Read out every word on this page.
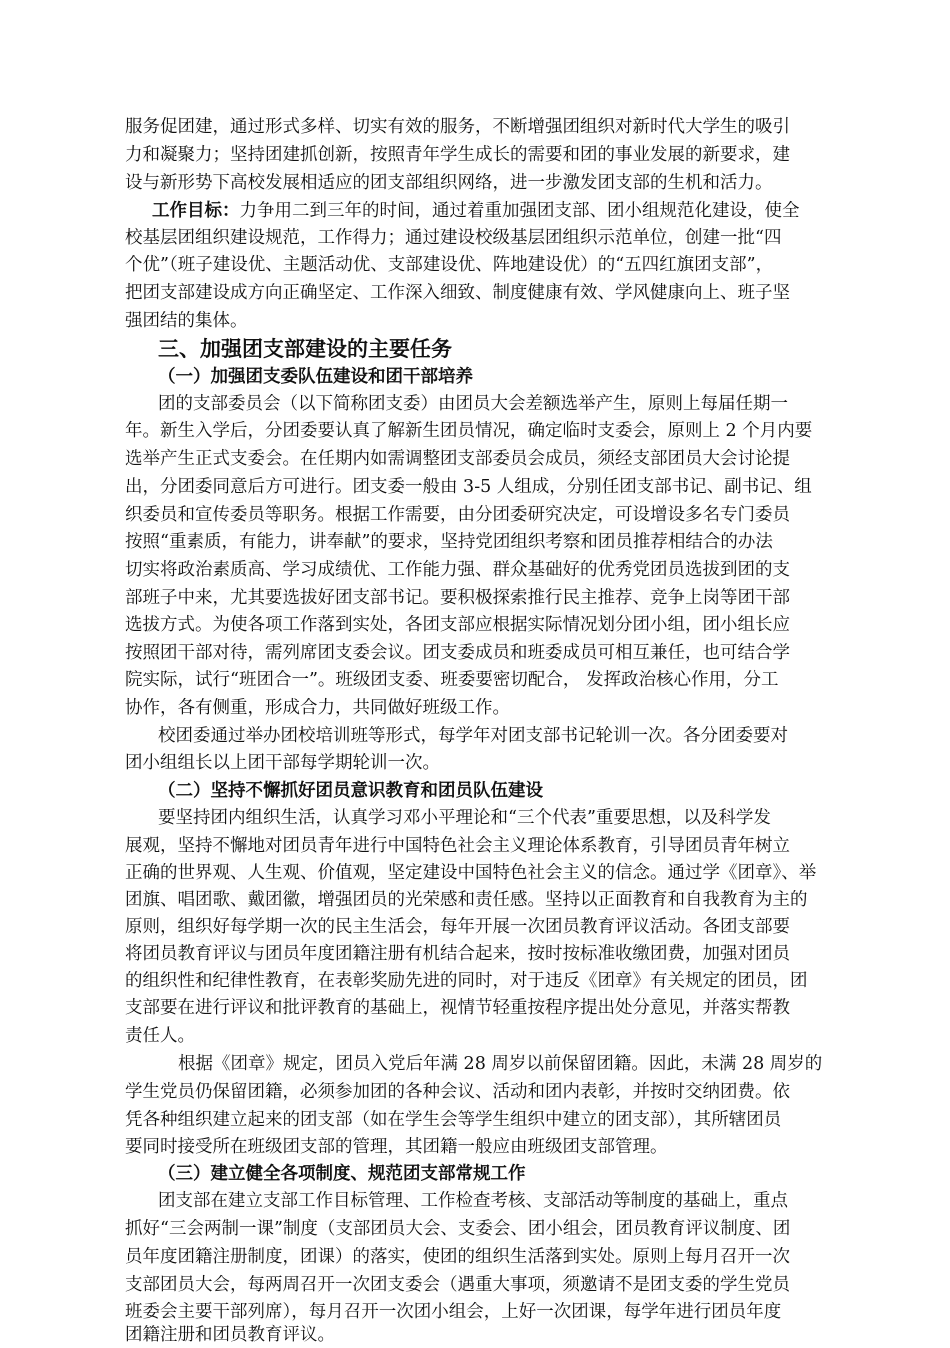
服务促团建，通过形式多样、切实有效的服务，不断增强团组织对新时代大学生的吸引
力和凝聚力；坚持团建抓创新，按照青年学生成长的需要和团的事业发展的新要求，建
设与新形势下高校发展相适应的团支部组织网络，进一步激发团支部的生机和活力。
工作目标：力争用二到三年的时间，通过着重加强团支部、团小组规范化建设，使全
校基层团组织建设规范，工作得力；通过建设校级基层团组织示范单位，创建一批“四
个优”（班子建设优、主题活动优、支部建设优、阵地建设优）的“五四红旗团支部”，
把团支部建设成方向正确坚定、工作深入细致、制度健康有效、学风健康向上、班子坚
强团结的集体。
三、加强团支部建设的主要任务
（一）加强团支委队伍建设和团干部培养
团的支部委员会（以下简称团支委）由团员大会差额选举产生，原则上每届任期一
年。新生入学后，分团委要认真了解新生团员情况，确定临时支委会，原则上 2 个月内要
选举产生正式支委会。在任期内如需调整团支部委员会成员，须经支部团员大会讨论提
出，分团委同意后方可进行。团支委一般由 3-5 人组成，分别任团支部书记、副书记、组
织委员和宣传委员等职务。根据工作需要，由分团委研究决定，可设增设多名专门委员
按照“重素质，有能力，讲奉献”的要求，坚持党团组织考察和团员推荐相结合的办法
切实将政治素质高、学习成绩优、工作能力强、群众基础好的优秀党团员选拔到团的支
部班子中来，尤其要选拔好团支部书记。要积极探索推行民主推荐、竞争上岗等团干部
选拔方式。为使各项工作落到实处，各团支部应根据实际情况划分团小组，团小组长应
按照团干部对待，需列席团支委会议。团支委成员和班委成员可相互兼任，也可结合学
院实际，试行“班团合一”。班级团支委、班委要密切配合， 发挥政治核心作用，分工
协作，各有侧重，形成合力，共同做好班级工作。
校团委通过举办团校培训班等形式，每学年对团支部书记轮训一次。各分团委要对
团小组组长以上团干部每学期轮训一次。
（二）坚持不懈抓好团员意识教育和团员队伍建设
要坚持团内组织生活，认真学习邓小平理论和“三个代表”重要思想，以及科学发
展观，坚持不懈地对团员青年进行中国特色社会主义理论体系教育，引导团员青年树立
正确的世界观、人生观、价值观，坚定建设中国特色社会主义的信念。通过学《团章》、举
团旗、唱团歌、戴团徽，增强团员的光荣感和责任感。坚持以正面教育和自我教育为主的
原则，组织好每学期一次的民主生活会，每年开展一次团员教育评议活动。各团支部要
将团员教育评议与团员年度团籍注册有机结合起来，按时按标准收缴团费，加强对团员
的组织性和纪律性教育，在表彰奖励先进的同时，对于违反《团章》有关规定的团员，团
支部要在进行评议和批评教育的基础上，视情节轻重按程序提出处分意见，并落实帮教
责任人。
根据《团章》规定，团员入党后年满 28 周岁以前保留团籍。因此，未满 28 周岁的
学生党员仍保留团籍，必须参加团的各种会议、活动和团内表彰，并按时交纳团费。依
凭各种组织建立起来的团支部（如在学生会等学生组织中建立的团支部），其所辖团员
要同时接受所在班级团支部的管理，其团籍一般应由班级团支部管理。
（三）建立健全各项制度、规范团支部常规工作
团支部在建立支部工作目标管理、工作检查考核、支部活动等制度的基础上，重点
抓好“三会两制一课”制度（支部团员大会、支委会、团小组会，团员教育评议制度、团
员年度团籍注册制度，团课）的落实，使团的组织生活落到实处。原则上每月召开一次
支部团员大会，每两周召开一次团支委会（遇重大事项，须邀请不是团支委的学生党员
班委会主要干部列席），每月召开一次团小组会，上好一次团课，每学年进行团员年度
团籍注册和团员教育评议。
